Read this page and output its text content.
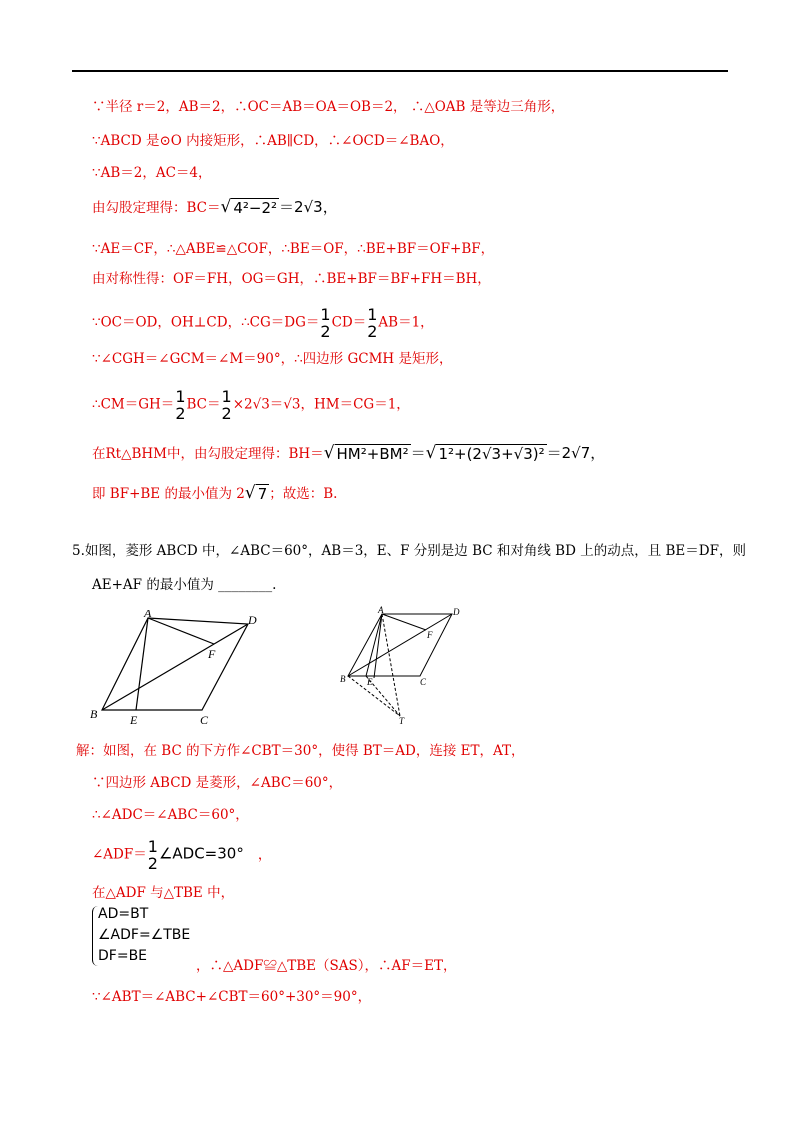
∵半径 r＝2，AB＝2，∴OC＝AB＝OA＝OB＝2， ∴△OAB 是等边三角形，
∵ABCD 是⊙O 内接矩形，∴AB∥CD，∴∠OCD＝∠BAO，
∵AB＝2，AC＝4，
由勾股定理得：BC＝ √ 4²−2² ＝2√3，
∵AE＝CF，∴△ABE≌△COF，∴BE＝OF，∴BE+BF＝OF+BF，
由对称性得：OF＝FH，OG＝GH，∴BE+BF＝BF+FH＝BH，
∵OC＝OD，OH⊥CD，∴CG＝DG＝ 1
2 CD＝ 1
2 AB＝1，
∵∠CGH＝∠GCM＝∠M＝90°，∴四边形 GCMH 是矩形，
∴CM＝GH＝ 1
2 BC＝ 1
2 ×2√3＝√3，HM＝CG＝1，
在Rt△BHM中，由勾股定理得：BH＝ √ HM²+BM² ＝ √ 1²+(2√3+√3)² ＝2√7，
即 BF+BE 的最小值为 2 √ 7 ；故选：B.
5.如图，菱形 ABCD 中，∠ABC＝60°，AB＝3，E、F 分别是边 BC 和对角线 BD 上的动点，且 BE＝DF，则
AE+AF 的最小值为 ________.
A	D
F
B	E	C
A	D
F
B E	C
T
解：如图，在 BC 的下方作∠CBT＝30°，使得 BT＝AD，连接 ET，AT，
∵四边形 ABCD 是菱形，∠ABC＝60°，
∴∠ADC＝∠ABC＝60°，
∠ADF＝ 1
2
∠ADC=30° ，
在△ADF 与△TBE 中，
AD=BT
∠ADF=∠TBE
DF=BE
，∴△ADF≌△TBE（SAS），∴AF＝ET，
∵∠ABT＝∠ABC+∠CBT＝60°+30°＝90°，
